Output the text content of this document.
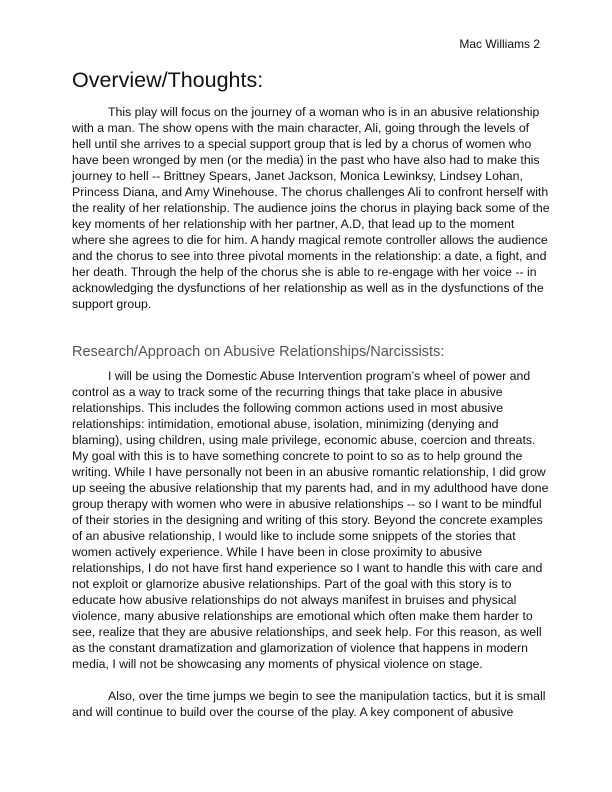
Mac Williams 2
Overview/Thoughts:
This play will focus on the journey of a woman who is in an abusive relationship
with a man. The show opens with the main character, Ali, going through the levels of
hell until she arrives to a special support group that is led by a chorus of women who
have been wronged by men (or the media) in the past who have also had to make this
journey to hell -- Brittney Spears, Janet Jackson, Monica Lewinksy, Lindsey Lohan,
Princess Diana, and Amy Winehouse. The chorus challenges Ali to confront herself with
the reality of her relationship. The audience joins the chorus in playing back some of the
key moments of her relationship with her partner, A.D, that lead up to the moment
where she agrees to die for him. A handy magical remote controller allows the audience
and the chorus to see into three pivotal moments in the relationship: a date, a fight, and
her death. Through the help of the chorus she is able to re-engage with her voice -- in
acknowledging the dysfunctions of her relationship as well as in the dysfunctions of the
support group.
Research/Approach on Abusive Relationships/Narcissists:
I will be using the Domestic Abuse Intervention program’s wheel of power and
control as a way to track some of the recurring things that take place in abusive
relationships. This includes the following common actions used in most abusive
relationships: intimidation, emotional abuse, isolation, minimizing (denying and
blaming), using children, using male privilege, economic abuse, coercion and threats.
My goal with this is to have something concrete to point to so as to help ground the
writing. While I have personally not been in an abusive romantic relationship, I did grow
up seeing the abusive relationship that my parents had, and in my adulthood have done
group therapy with women who were in abusive relationships -- so I want to be mindful
of their stories in the designing and writing of this story. Beyond the concrete examples
of an abusive relationship, I would like to include some snippets of the stories that
women actively experience. While I have been in close proximity to abusive
relationships, I do not have first hand experience so I want to handle this with care and
not exploit or glamorize abusive relationships. Part of the goal with this story is to
educate how abusive relationships do not always manifest in bruises and physical
violence, many abusive relationships are emotional which often make them harder to
see, realize that they are abusive relationships, and seek help. For this reason, as well
as the constant dramatization and glamorization of violence that happens in modern
media, I will not be showcasing any moments of physical violence on stage.
Also, over the time jumps we begin to see the manipulation tactics, but it is small
and will continue to build over the course of the play. A key component of abusive
